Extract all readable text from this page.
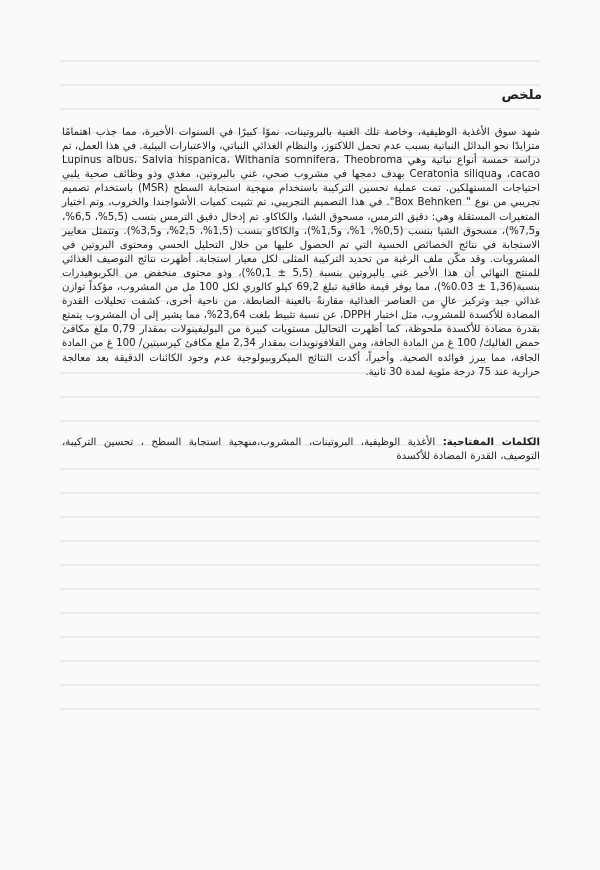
ملخص

شهد سوق الأغذية الوظيفية، وخاصة تلك الغنية بالبروتينات، نموًا كبيرًا في السنوات الأخيرة، مما جذب اهتمامًا متزايدًا نحو البدائل النباتية بسبب عدم تحمل اللاكتوز، والنظام الغذائي النباتي، والاعتبارات البيئية. في هذا العمل، تم دراسة خمسة أنواع نباتية وهي Lupinus albus، Salvia hispanica، Withania somnifera، Theobroma cacao، وCeratonia siliqua بهدف دمجها في مشروب صحي، غني بالبروتين، مغذي وذو وظائف صحية يلبي احتياجات المستهلكين. تمت عملية تحسين التركيبة باستخدام منهجية استجابة السطح (MSR) باستخدام تصميم تجريبي من نوع " Box Behnken". في هذا التصميم التجريبي، تم تثبيت كميات الأشواجندا والخروب، وتم اختيار المتغيرات المستقلة وهي: دقيق الترمس، مسحوق الشيا، والكاكاو. تم إدخال دقيق الترمس بنسب (5,5%، 6,5%، و7,5%)، مسحوق الشيا بنسب (0,5%، 1%، و1,5%)، والكاكاو بنسب (1,5%، 2,5%، و3,5%). وتتمثل معايير الاستجابة في نتائج الخصائص الحسية التي تم الحصول عليها من خلال التحليل الحسي ومحتوى البروتين في المشروبات. وقد مكّن ملف الرغبة من تحديد التركيبة المثلى لكل معيار استجابة. أظهرت نتائج التوصيف الغذائي للمنتج النهائي أن هذا الأخير غني بالبروتين بنسبة (5,5 ± 0,1%)، وذو محتوى منخفض من الكربوهيدرات بنسبة(1,36 ± 0.03%)، مما يوفر قيمة طاقية تبلغ 69,2 كيلو كالوري لكل 100 مل من المشروب، مؤكداً توازن غذائي جيد وتركيز عالٍ من العناصر الغذائية مقارنةً بالعينة الضابطة. من ناحية أخرى، كشفت تحليلات القدرة المضادة للأكسدة للمشروب، مثل اختبار DPPH، عن نسبة تثبيط بلغت 23,64%، مما يشير إلى أن المشروب يتمتع بقدرة مضادة للأكسدة ملحوظة، كما أظهرت التحاليل مستويات كبيرة من البوليفينولات بمقدار 0,79 ملغ مكافئ حمض الغاليك/ 100 غ من المادة الجافة، ومن الفلافونويدات بمقدار 2,34 ملغ مكافئ كيرسيتين/ 100 غ من المادة الجافة، مما يبرز فوائده الصحية. وأخيراً، أكدت النتائج الميكروبيولوجية عدم وجود الكائنات الدقيقة بعد معالجة حرارية عند 75 درجة مئوية لمدة 30 ثانية.

الكلمات المفتاحية: الأغذية الوظيفية، البروتينات، المشروب،منهجية استجابة السطح ، تحسين التركيبة، التوصيف، القدرة المضادة للأكسدة
